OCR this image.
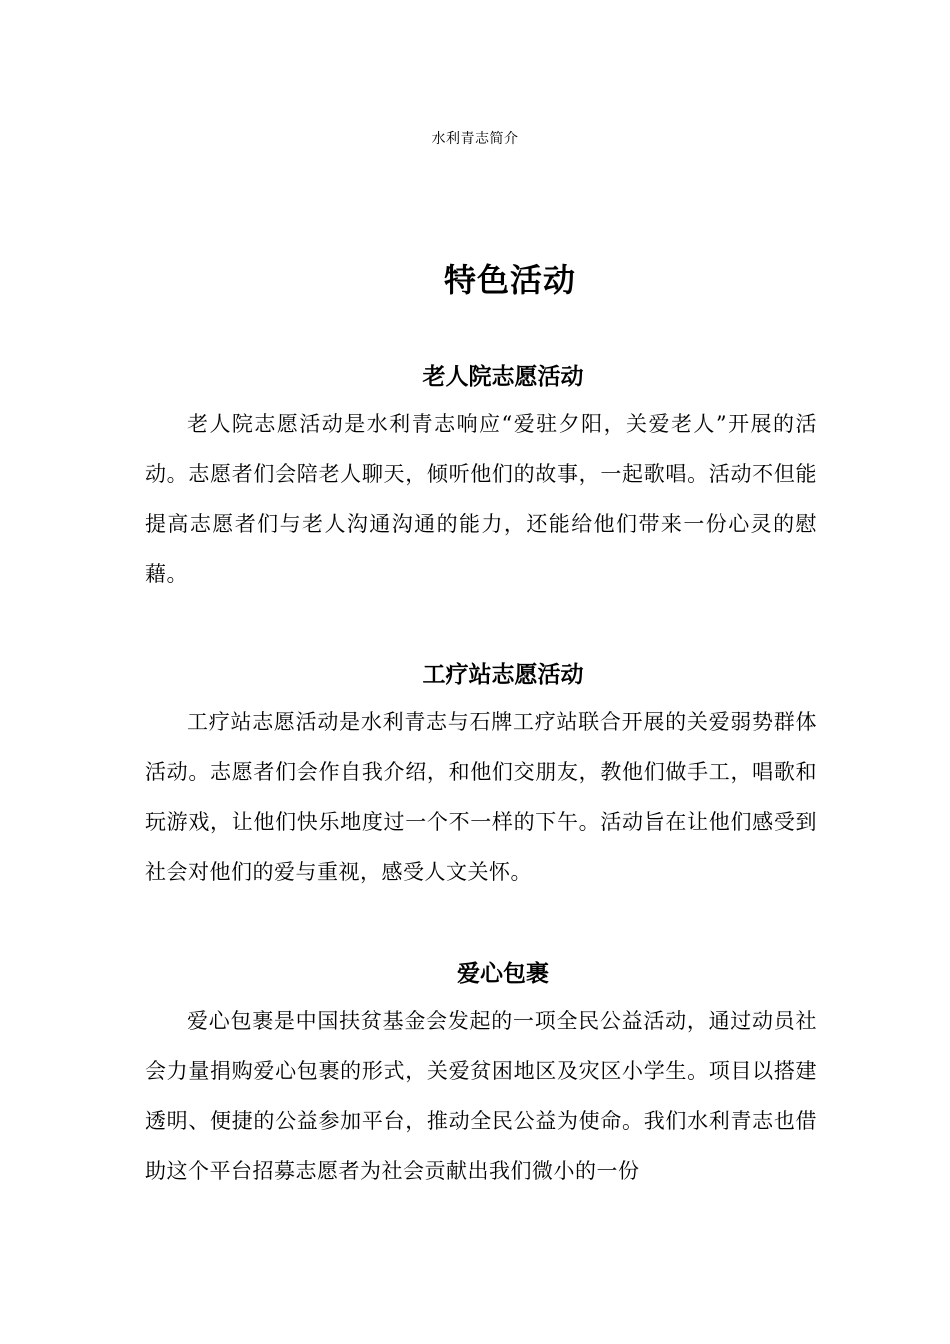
水利青志简介
特色活动
老人院志愿活动

老人院志愿活动是水利青志响应“爱驻夕阳，关爱老人”开展的活动。志愿者们会陪老人聊天，倾听他们的故事，一起歌唱。活动不但能提高志愿者们与老人沟通沟通的能力，还能给他们带来一份心灵的慰藉。

工疗站志愿活动

工疗站志愿活动是水利青志与石牌工疗站联合开展的关爱弱势群体活动。志愿者们会作自我介绍，和他们交朋友，教他们做手工，唱歌和玩游戏，让他们快乐地度过一个不一样的下午。活动旨在让他们感受到社会对他们的爱与重视，感受人文关怀。

爱心包裹

爱心包裹是中国扶贫基金会发起的一项全民公益活动，通过动员社会力量捐购爱心包裹的形式，关爱贫困地区及灾区小学生。项目以搭建透明、便捷的公益参加平台，推动全民公益为使命。我们水利青志也借助这个平台招募志愿者为社会贡献出我们微小的一份
